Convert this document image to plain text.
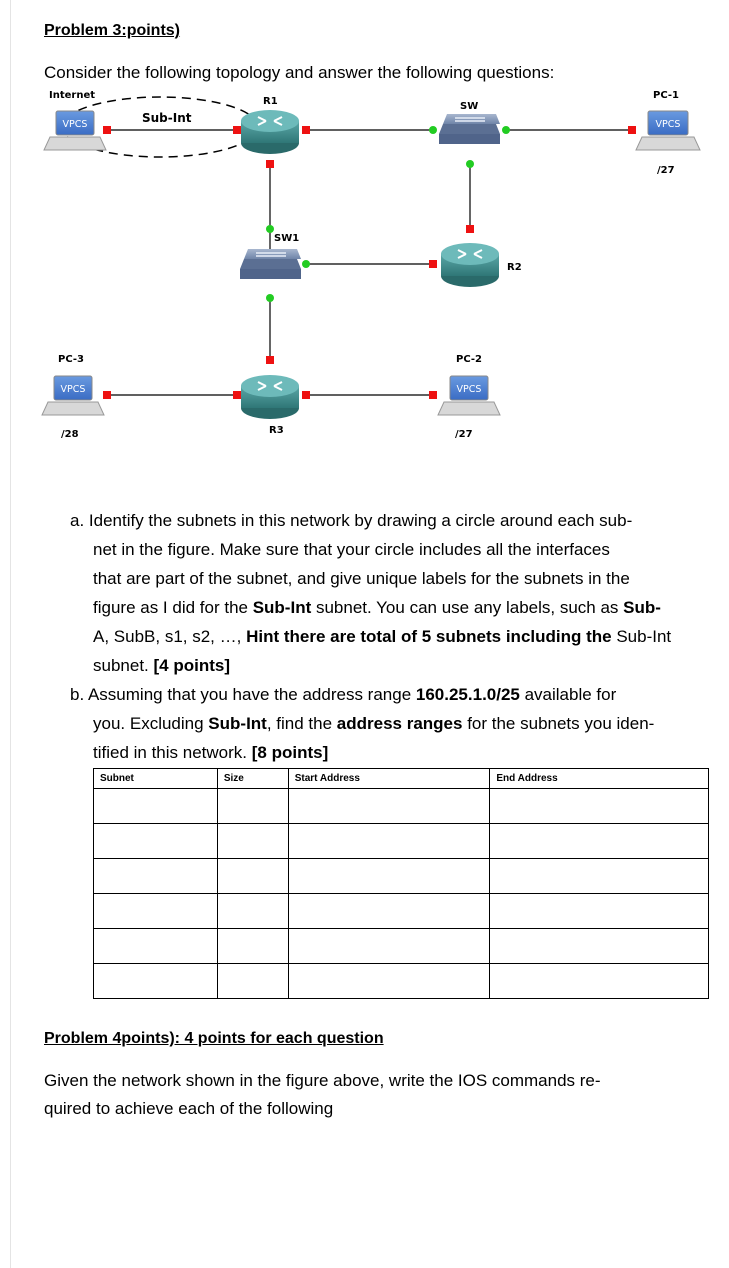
Problem 3:points)
Consider the following topology and answer the following questions:
VPCS	VPCS
VPCS	VPCS
Internet
Sub-Int
R1	SW
PC-1
/27
SW1
R2
PC-3	PC-2
/28	R3	/27
a. Identify the subnets in this network by drawing a circle around each sub-
net in the figure. Make sure that your circle includes all the interfaces
that are part of the subnet, and give unique labels for the subnets in the
figure as I did for the Sub-Int subnet. You can use any labels, such as Sub-
A, SubB, s1, s2, …, Hint there are total of 5 subnets including the Sub-Int
subnet. [4 points]
b. Assuming that you have the address range 160.25.1.0/25 available for
you. Excluding Sub-Int, find the address ranges for the subnets you iden-
tified in this network. [8 points]
Subnet	Size	Start Address	End Address

Problem 4points): 4 points for each question
Given the network shown in the figure above, write the IOS commands re-
quired to achieve each of the following
